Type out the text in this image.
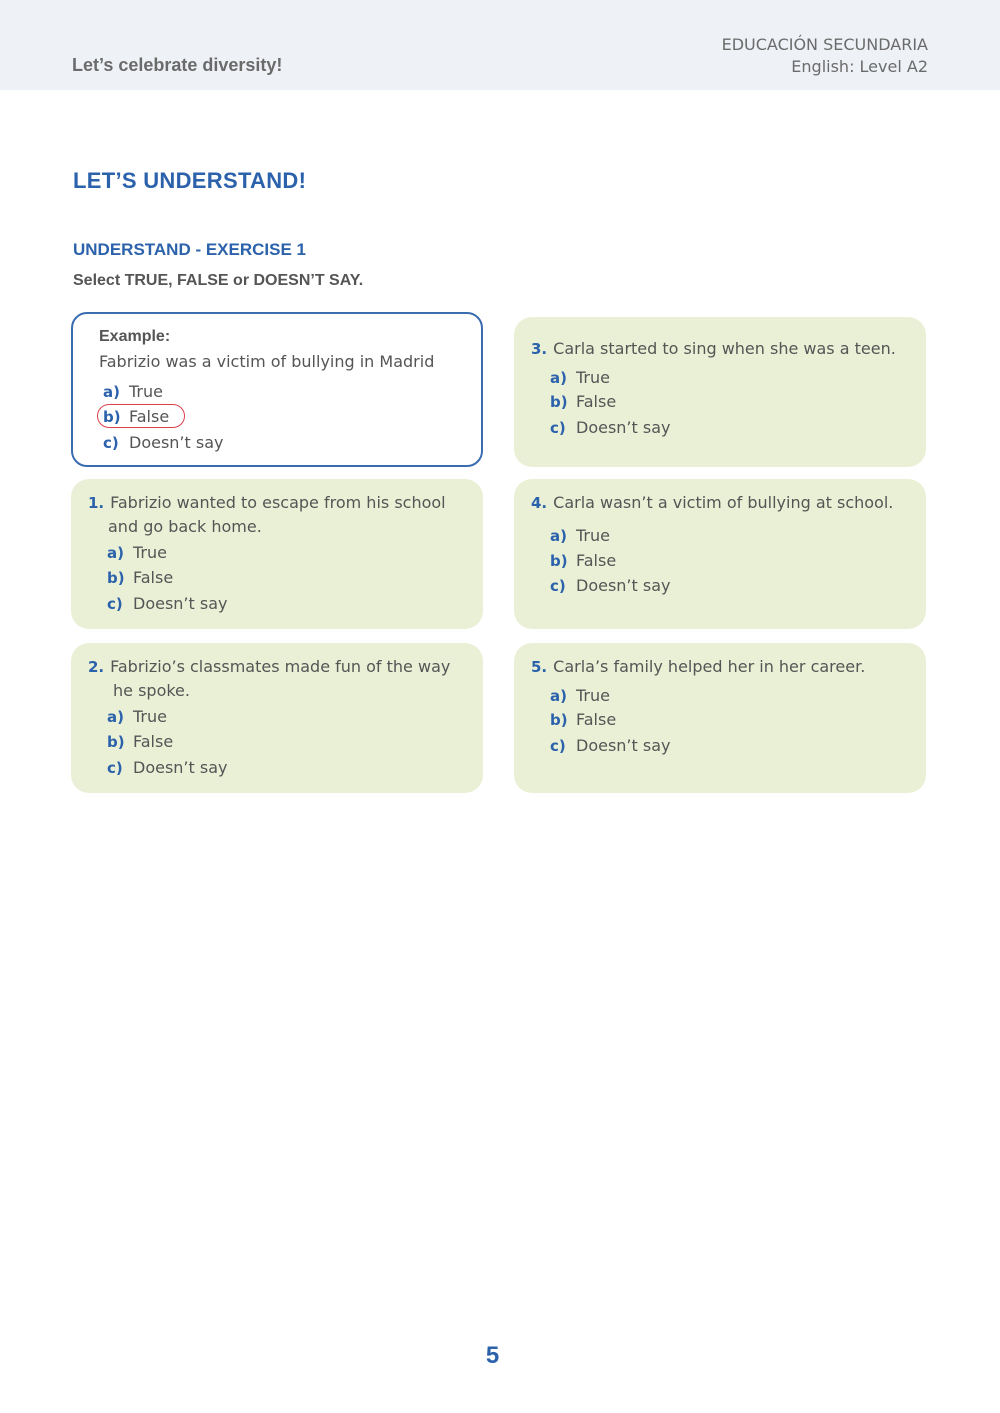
Let’s celebrate diversity!
EDUCACIÓN SECUNDARIA
English: Level A2
LET’S UNDERSTAND!
UNDERSTAND - EXERCISE 1
Select TRUE, FALSE or DOESN’T SAY.
Example:
Fabrizio was a victim of bullying in Madrid
a) True
b) False
c) Doesn’t say
1. Fabrizio wanted to escape from his school and go back home.
a) True
b) False
c) Doesn’t say
2. Fabrizio’s classmates made fun of the way he spoke.
a) True
b) False
c) Doesn’t say
3. Carla started to sing when she was a teen.
a) True
b) False
c) Doesn’t say
4. Carla wasn’t a victim of bullying at school.
a) True
b) False
c) Doesn’t say
5. Carla’s family helped her in her career.
a) True
b) False
c) Doesn’t say
5
